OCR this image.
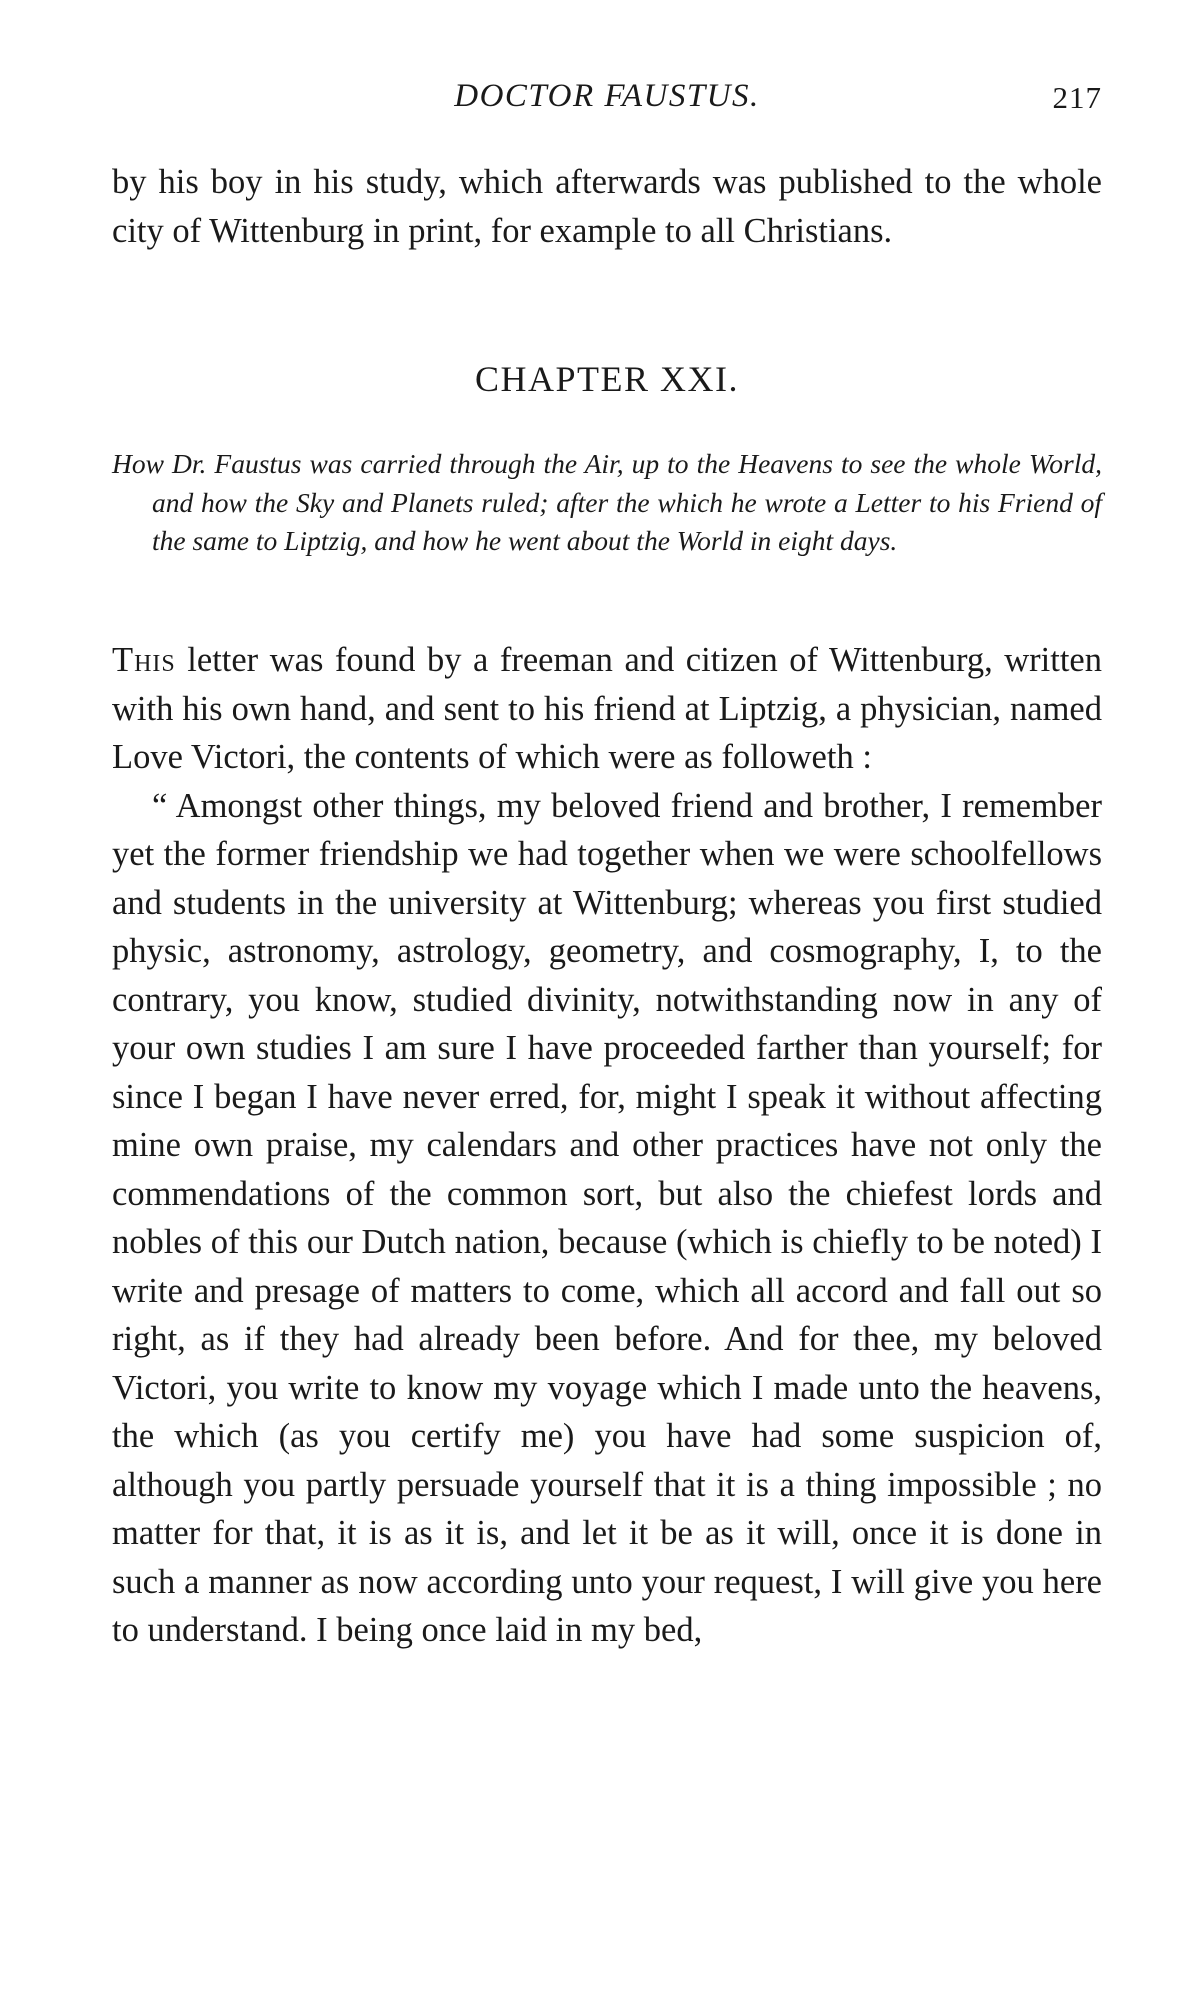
DOCTOR FAUSTUS.	217

by his boy in his study, which afterwards was published to the whole city of Wittenburg in print, for example to all Christians.

CHAPTER XXI.
How Dr. Faustus was carried through the Air, up to the Heavens to see the whole World, and how the Sky and Planets ruled; after the which he wrote a Letter to his Friend of the same to Liptzig, and how he went about the World in eight days.

This letter was found by a freeman and citizen of Wittenburg, written with his own hand, and sent to his friend at Liptzig, a physician, named Love Victori, the contents of which were as followeth :

“ Amongst other things, my beloved friend and brother, I remember yet the former friendship we had together when we were schoolfellows and students in the university at Wittenburg; whereas you first studied physic, astronomy, astrology, geometry, and cosmography, I, to the contrary, you know, studied divinity, notwithstanding now in any of your own studies I am sure I have proceeded farther than yourself; for since I began I have never erred, for, might I speak it without affecting mine own praise, my calendars and other practices have not only the commendations of the common sort, but also the chiefest lords and nobles of this our Dutch nation, because (which is chiefly to be noted) I write and presage of matters to come, which all accord and fall out so right, as if they had already been before. And for thee, my beloved Victori, you write to know my voyage which I made unto the heavens, the which (as you certify me) you have had some suspicion of, although you partly persuade yourself that it is a thing impossible ; no matter for that, it is as it is, and let it be as it will, once it is done in such a manner as now according unto your request, I will give you here to understand. I being once laid in my bed,
